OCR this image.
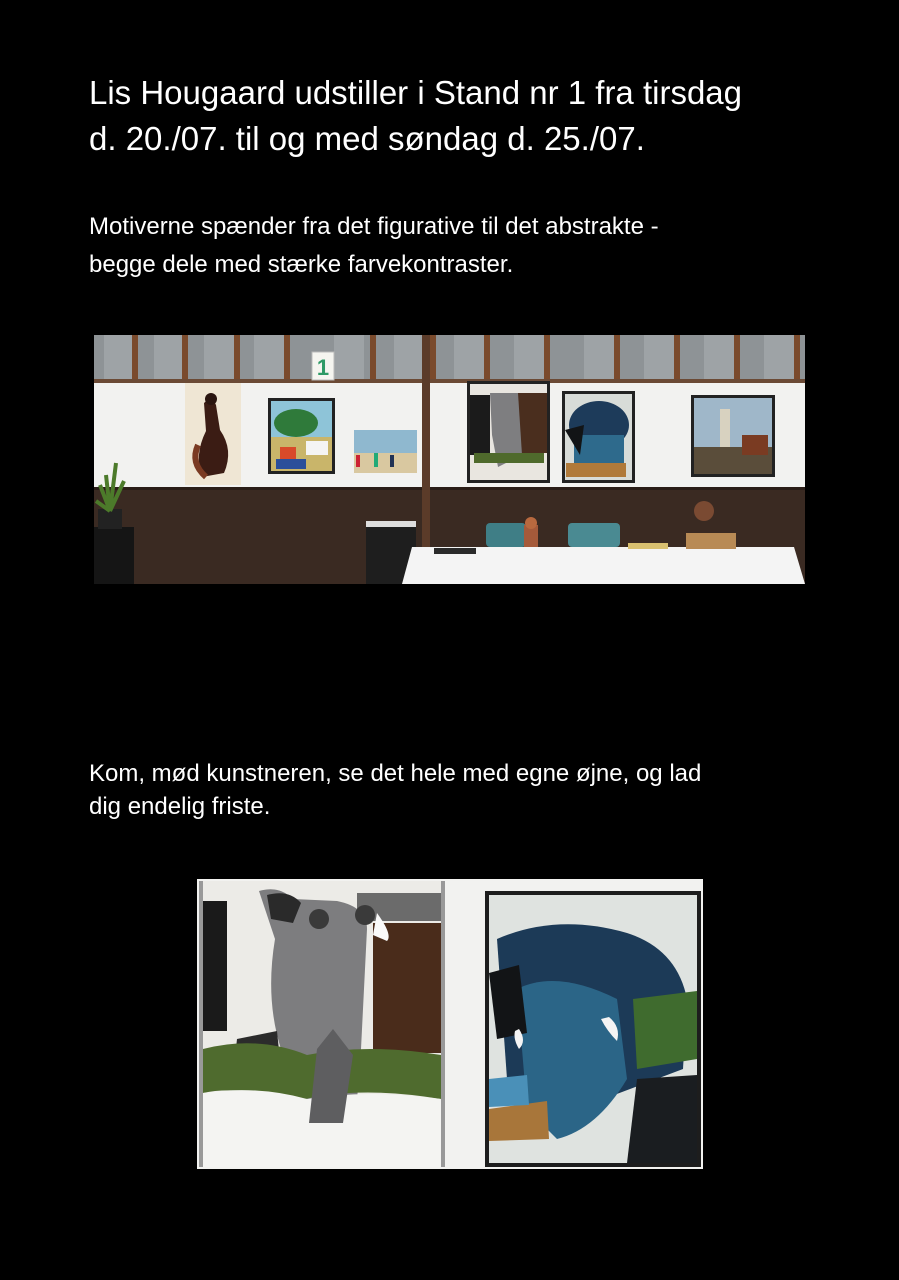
Lis Hougaard udstiller i Stand nr 1 fra tirsdag
d. 20./07. til og med søndag d. 25./07.

Motiverne spænder fra det figurative til det abstrakte -
begge dele med stærke farvekontraster.

1

Kom, mød kunstneren, se det hele med egne øjne, og lad
dig endelig friste.
